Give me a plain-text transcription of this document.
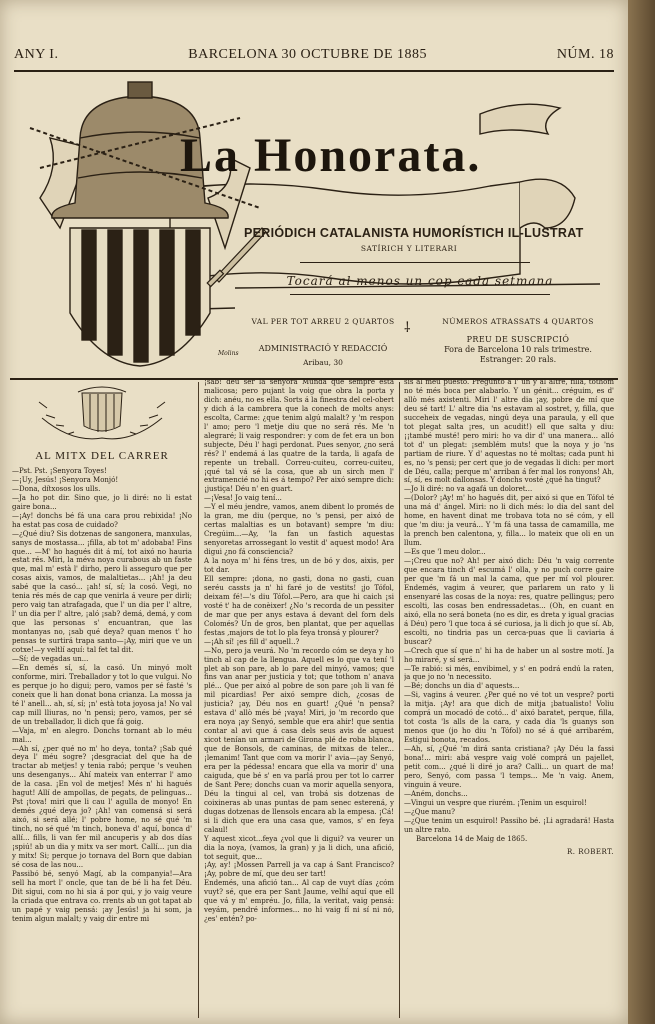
ANY I.	BARCELONA 30 OCTUBRE DE 1885	NÚM. 18
La Honorata.
PERIÓDICH CATALANISTA HUMORÍSTICH IL-LUSTRAT
SATÍRICH Y LITERARI
Tocará al menos un cop cada setmana
Molins
VAL PER TOT ARREU 2 QUARTOS	NÚMEROS ATRASSATS 4 QUARTOS
ADMINISTRACIÓ Y REDACCIÓ
Aribau, 30
⸸
PREU DE SUSCRIPCIÓ
Fora de Barcelona 10 rals trimestre.
Estranger: 20 rals.
AL MITX DEL CARRER

—Pst. Pst. ¡Senyora Toyes!

—¡Uy, Jesús! ¡Senyora Monjó!

—Dona, dítxosos los ulls.

—Ja ho pot dir. Sino que, jo li diré: no li estat gaire bona...

—¡Ay! donchs bé fá una cara prou rebixida! ¡No ha estat pas cosa de cuidado?

—¿Qué diu? Sis dotzenas de sangonera, manxulas, sanys de mostassa... ¡filla, ab tot m' adobaba! Fins que... —M' ho hagués dit á mí, tot aixó no hauria estat rés. Miri, la méva noya curabous ab un faste que, mal m' està l' dirho, pero li asseguro que per cosas aixis, vamos, de malaltietas... ¡Ah! ja deu sabé que la casó... ¡ah! sí, sí; la cosó. Vegi, no tenia rés més de cap que venirla á veure per dirli; pero vaig tan atrafagada, que l' un dia per l' altre, l' un dia per l' altre, ¡aló ¡sab? demá, demá, y com que las personas s' encuantran, que las montanyas no, ¡sab qué deya? quan menos t' ho pensas te surtirá trapa santo—¡Ay, miri que ve un cotxe!—y veltlí aquí: tal fet tal dit.

—Sí; de vegadas un...

—En demés sí, sí, la casó. Un minyó molt conforme, miri. Treballador y tot lo que vulgui. No es perque jo ho digui; pero, vamos per sé fasté 's coneix que li han donat bona crianza. La mossa ja té l' anell... ah, sí, sí; ¡n' està tota joyosa ja! No val cap mill lliuras, no 'n pensi; pero, vamos, per sé de un treballador, li dich que fá goig.

—Vaja, m' en alegro. Donchs tornant ab lo méu mal...

—Ah sí, ¿per qué no m' ho deya, tonta? ¡Sab qué deya l' méu sogre? ¡desgraciat del que ha de tractar ab metjes! y tenia rabó; perque 's veuhen uns desenganys... Ahí mateix van enterrar l' amo de la casa. ¡En vol de metjes! Més n' hi hagués hagut! Allí de ampollas, de pegats, de pelinguas... Pst ¡tova! miri que li cau l' agulla de monyo! En demés ¿qué deya jo? ¡Ah! van comensá si será aixó, si será allé; l' pobre home, no sé qué 'm tinch, no sé qué 'm tinch, boneva d' aquí, bonca d' allí... fills, li van fer mil ancuperis y ab dos días ¡spiú! ab un dia y mitx va ser mort. Callí... ¡un dia y mitx! Si; perque jo tornava del Born que dabian sé cosa de las nou...

Passibó bé, senyó Magí, ab la companyia!—Ara sell ha mort l' oncle, que tan de bé li ha fet Déu. Dit sigui, com no hi sia á por qui, y jo vaig veure la criada que entrava co. rrents ab un got tapat ab un papé y vaig pensá: ¡ay Jesús! ja hi som, ja tenim algun malalt; y vaig dir entre mi

¡sab! deu ser la senyora Munda que sempre està malicosa; pero pujant la voig que obra la porta y dich: anéu, no es ella. Sorts á la finestra del cel-obert y dich á la cambrera que la conech de molts anys: escolta, Carme: ¿que tenim algú malalt? y 'm respon l' amo; pero 'l metje diu que no será rés. Me 'n alegraré; li vaig respondrer: y com de fet era un bon subjecte, Déu l' hagi perdonat. Pues senyor, ¿no será rés? l' endemá á las quatre de la tarda, li agafa de repente un treball. Correu-cuiteu, correu-cuiteu, ¡qué tal vá sé la cosa, que ab un sirch men l' extramencié no hi es á tempo? Per aixó sempre dich: ¡justiça! Déu n' en guart.

—¡Vesa! Jo vaig tení...

—Y el méu jendre, vamos, anem dibent lo promés de la gran, me diu (perque, no 's pensi, per aixó de certas malaltias es un botavant) sempre 'm diu: Cregúim...—Ay, 'la fan un fastich aquestas senyoretas arrossegant lo vestit d' aquest modo! Ara digui ¿no fá consciencia?

A la noya m' hi féns tres, un de bó y dos, aixis, per tot dar.

Ell sempre: ¡dona, no gasti, dona no gasti, cuan seréu cassts ja n' hi faré jo de vestits! ¡jo Tófol, deixam fé!—'s diu Tófol.—Pero, ara que hi caich ¡si vosté t' ha de conèixer! ¿No 's recorda de un pessiter de mar que per anys estava á devant del forn dels Colomés? Un de gros, ben plantat, que per aquellas festas ,majors de tot lo pla feya tronsá y plourer?

—¡Ah sí! ¡es fill d' aquell..?

—No, pero ja veurá. No 'm recordo cóm se deya y ho tinch al cap de la llengua. Aquell es lo que va tení 'l plet ab son pare, ab lo pare del minyó, vamos; que fins van anar per justicia y tot; que tothom n' anava plé... Que per aixó al pobre de son pare ¡oh li van fé mil picardias! Per aixó sempre dich, ¿cosas de justicia? ¡ay, Déu nos en guart! ¿Qué 'n pensa? estava d' allò més bé ¡vaya! Miri, jo 'm recordo que era noya ¡ay Senyó, semble que era ahir! que sentia contar al avi que á casa dels seus avis de aquest xicot tenían un armari de Girona plé de roba blanca, que de Bonsols, de caminas, de mitxas de teler... ¡lemanim! Tant que com va morir l' avia—¡ay Senyó, era per la pédessa! encara que ella va morir d' una caiguda, que bé s' en va parlá prou per tot lo carrer de Sant Pere; donchs cuan va morir aquella senyora, Déu la tingui al cel, van trobá sis dotzenas de coixineras ab unas puntas de pam senec esterená, y dugas dotzenas de llensols encara ab la empesa. ¡Cá! si li dich que era una casa que, vamos, s' en feya calaul!

Y aquest xicot...feya ¿vol que li digui? va veurer un dia la noya, (vamos, la gran) y ja li dich, una afició, tot seguit, que...

¡Ay, ay! ¡Mossen Parrell ja va cap á Sant Francisco? ¡Ay, pobre de mí, que deu ser tart!

Endemés, una afició tan... Al cap de vuyt días ¿cóm vuyt? sé, que era per Sant Jaume, velhí aquí que ell que vá y m' empréu. Jo, filla, la veritat, vaig pensá: veyám, pendré informes... no hi vaig fí ni sí ni nó, ¿es' entén? po-

sis al méu puesto. Pregunto á l' un y al altre, filla, tothom no té més boca per alabarlo. Y un génit... créguim, es d' allò més axistenti. Miri l' altre dia ¡ay, pobre de mí que deu sé tart! L' altre dia 'ns estavam al sostret, y, filla, que succeheix de vegadas, ningú deya una paraula, y ell que tot plegat salta ¡res, un acudit!) ell que salta y diu: ¡¡també musté! pero miri: ho va dir d' una manera... alló tot d' un plegat: ¡semblém muts! que la noya y jo 'ns partiam de riure. Y d' aquestas no té moltas; cada punt hi es, no 's pensi; per cert que jo de vegadas li dich: per mort de Déu, calla; perque m' arriban á fer mal los ronyons! Ah, sí, sí, es molt dallonsas. Y donchs vosté ¿qué ha tingut?

—Jo li diré: no va agafá un doloret...

—(Dolor? ¡Ay! m' ho hagués dit, per aixó si que en Tófol té una má d' ángel. Miri: no li dich més: lo dia del sant del home, en havent dinat me trobava tota no sé cóm, y ell que 'm diu: ja veurá... Y 'm fá una tassa de camamilla, me la prench ben calentona, y, filla... lo mateix que oli en un llum.

—Es que 'l meu dolor...

—¡Creu que no? Ah! per aixó dich: Déu 'n vaig corrente que encara tinch d' escumá l' olla, y no puch corre gaire per que 'm fá un mal la cama, que per mí vol plourer. Endemés, vagim á veurer, que parlarem un rato y li ensenyaré las cosas de la noya: res, quatre pellingus; pero escolti, las cosas ben endressadetas... (Oh, en cuant en aixó, ella no será boneta (no es dir, es dreta y igual gracias á Déu) pero 'l que toca á sé curiosa, ja li dich jo que sí. Ab, escolti, no tindria pas un cerca-puas que li caviaria á buscar?

—Crech que sí que n' hi ha de haber un al sostre motí. Ja ho miraré, y sí será...

—Te rabió: si més, envibimel, y s' en podrá endú la raten, ja que jo no 'n necessito.

—Bé; donchs un dia d' aquests...

—Si, vagins á veurer. ¿Per qué no vé tot un vespre? porti la mitja. ¡Ay! ara que dich de mitja ¡batualisto! Voliu comprá un mocadó de cotó... d' aixó baratet, perque, filla, tot costa 'ls alls de la cara, y cada dia 'ls guanys son menos que (jo ho diu 'n Tófol) no sé á qué arribarém, Estigui bonota, recados.

—Ah, sí, ¿Qué 'm dirá santa cristiana? ¡Ay Déu la fassi bona!... miri: abá vespre vaig volé comprá un pajellet, petit com... ¿qué li diré jo ara? Calli... un quart de ma! pero, Senyó, com passa 'l temps... Me 'n vaig. Anem, vinguin á veure.

—Aném, donchs...

—Vingui un vespre que riurém. ¡Tenim un esquirol!

—¿Que manu?

—¿Que tenim un esquirol! Passiho bé. ¡Li agradará! Hasta un altre rato.

Barcelona 14 de Maig de 1865.

R. ROBERT.
